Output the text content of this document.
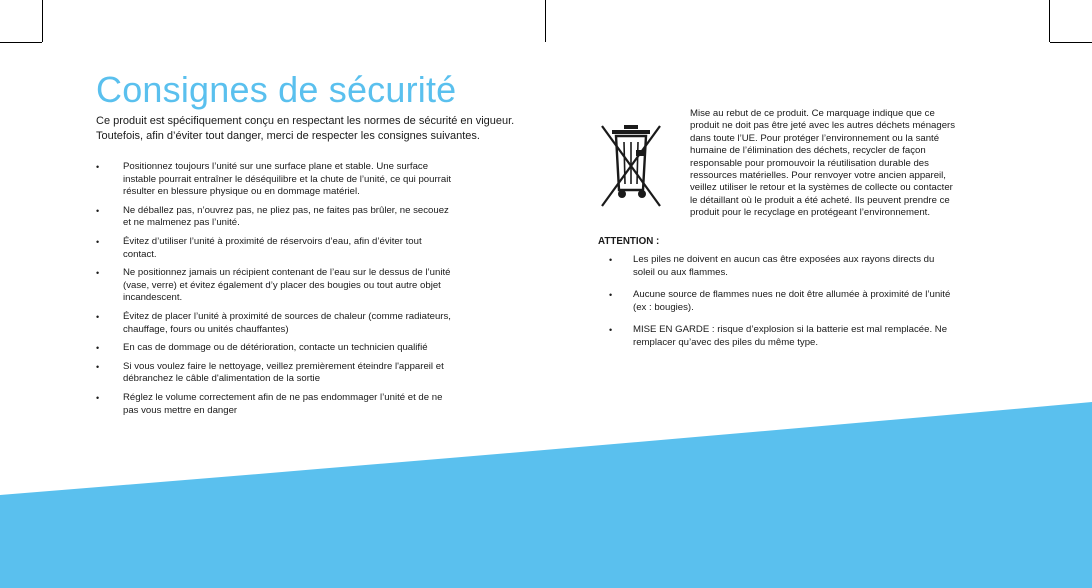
Consignes de sécurité

Ce produit est spécifiquement conçu en respectant les normes de sécurité en vigueur.

Toutefois, afin d’éviter tout danger, merci de respecter les consignes suivantes.

• Positionnez toujours l’unité sur une surface plane et stable. Une surface instable pourrait entraîner le déséquilibre et la chute de l’unité, ce qui pourrait résulter en blessure physique ou en dommage matériel.
• Ne déballez pas, n’ouvrez pas, ne pliez pas, ne faites pas brûler, ne secouez et ne malmenez pas l’unité.
• Évitez d’utiliser l’unité à proximité de réservoirs d’eau, afin d’éviter tout contact.
• Ne positionnez jamais un récipient contenant de l’eau sur le dessus de l’unité (vase, verre) et évitez également d’y placer des bougies ou tout autre objet incandescent.
• Évitez de placer l’unité à proximité de sources de chaleur (comme radiateurs, chauffage, fours ou unités chauffantes)
• En cas de dommage ou de détérioration, contacte un technicien qualifié
• Si vous voulez faire le nettoyage, veillez premièrement éteindre l'appareil et débranchez le câble d'alimentation de la sortie
• Réglez le volume correctement afin de ne pas endommager l’unité et de ne pas vous mettre en danger
Mise au rebut de ce produit. Ce marquage indique que ce produit ne doit pas être jeté avec les autres déchets ménagers dans toute l’UE. Pour protéger l’environnement ou la santé humaine de l’élimination des déchets, recycler de façon responsable pour promouvoir la réutilisation durable des ressources matérielles. Pour renvoyer votre ancien appareil, veillez utiliser le retour et la systèmes de collecte ou contacter le détaillant où le produit a été acheté. Ils peuvent prendre ce produit pour le recyclage en protégeant l’environnement.
ATTENTION :
• Les piles ne doivent en aucun cas être exposées aux rayons directs du soleil ou aux flammes.
• Aucune source de flammes nues ne doit être allumée à proximité de l’unité (ex : bougies).
• MISE EN GARDE : risque d’explosion si la batterie est mal remplacée. Ne remplacer qu’avec des piles du même type.
